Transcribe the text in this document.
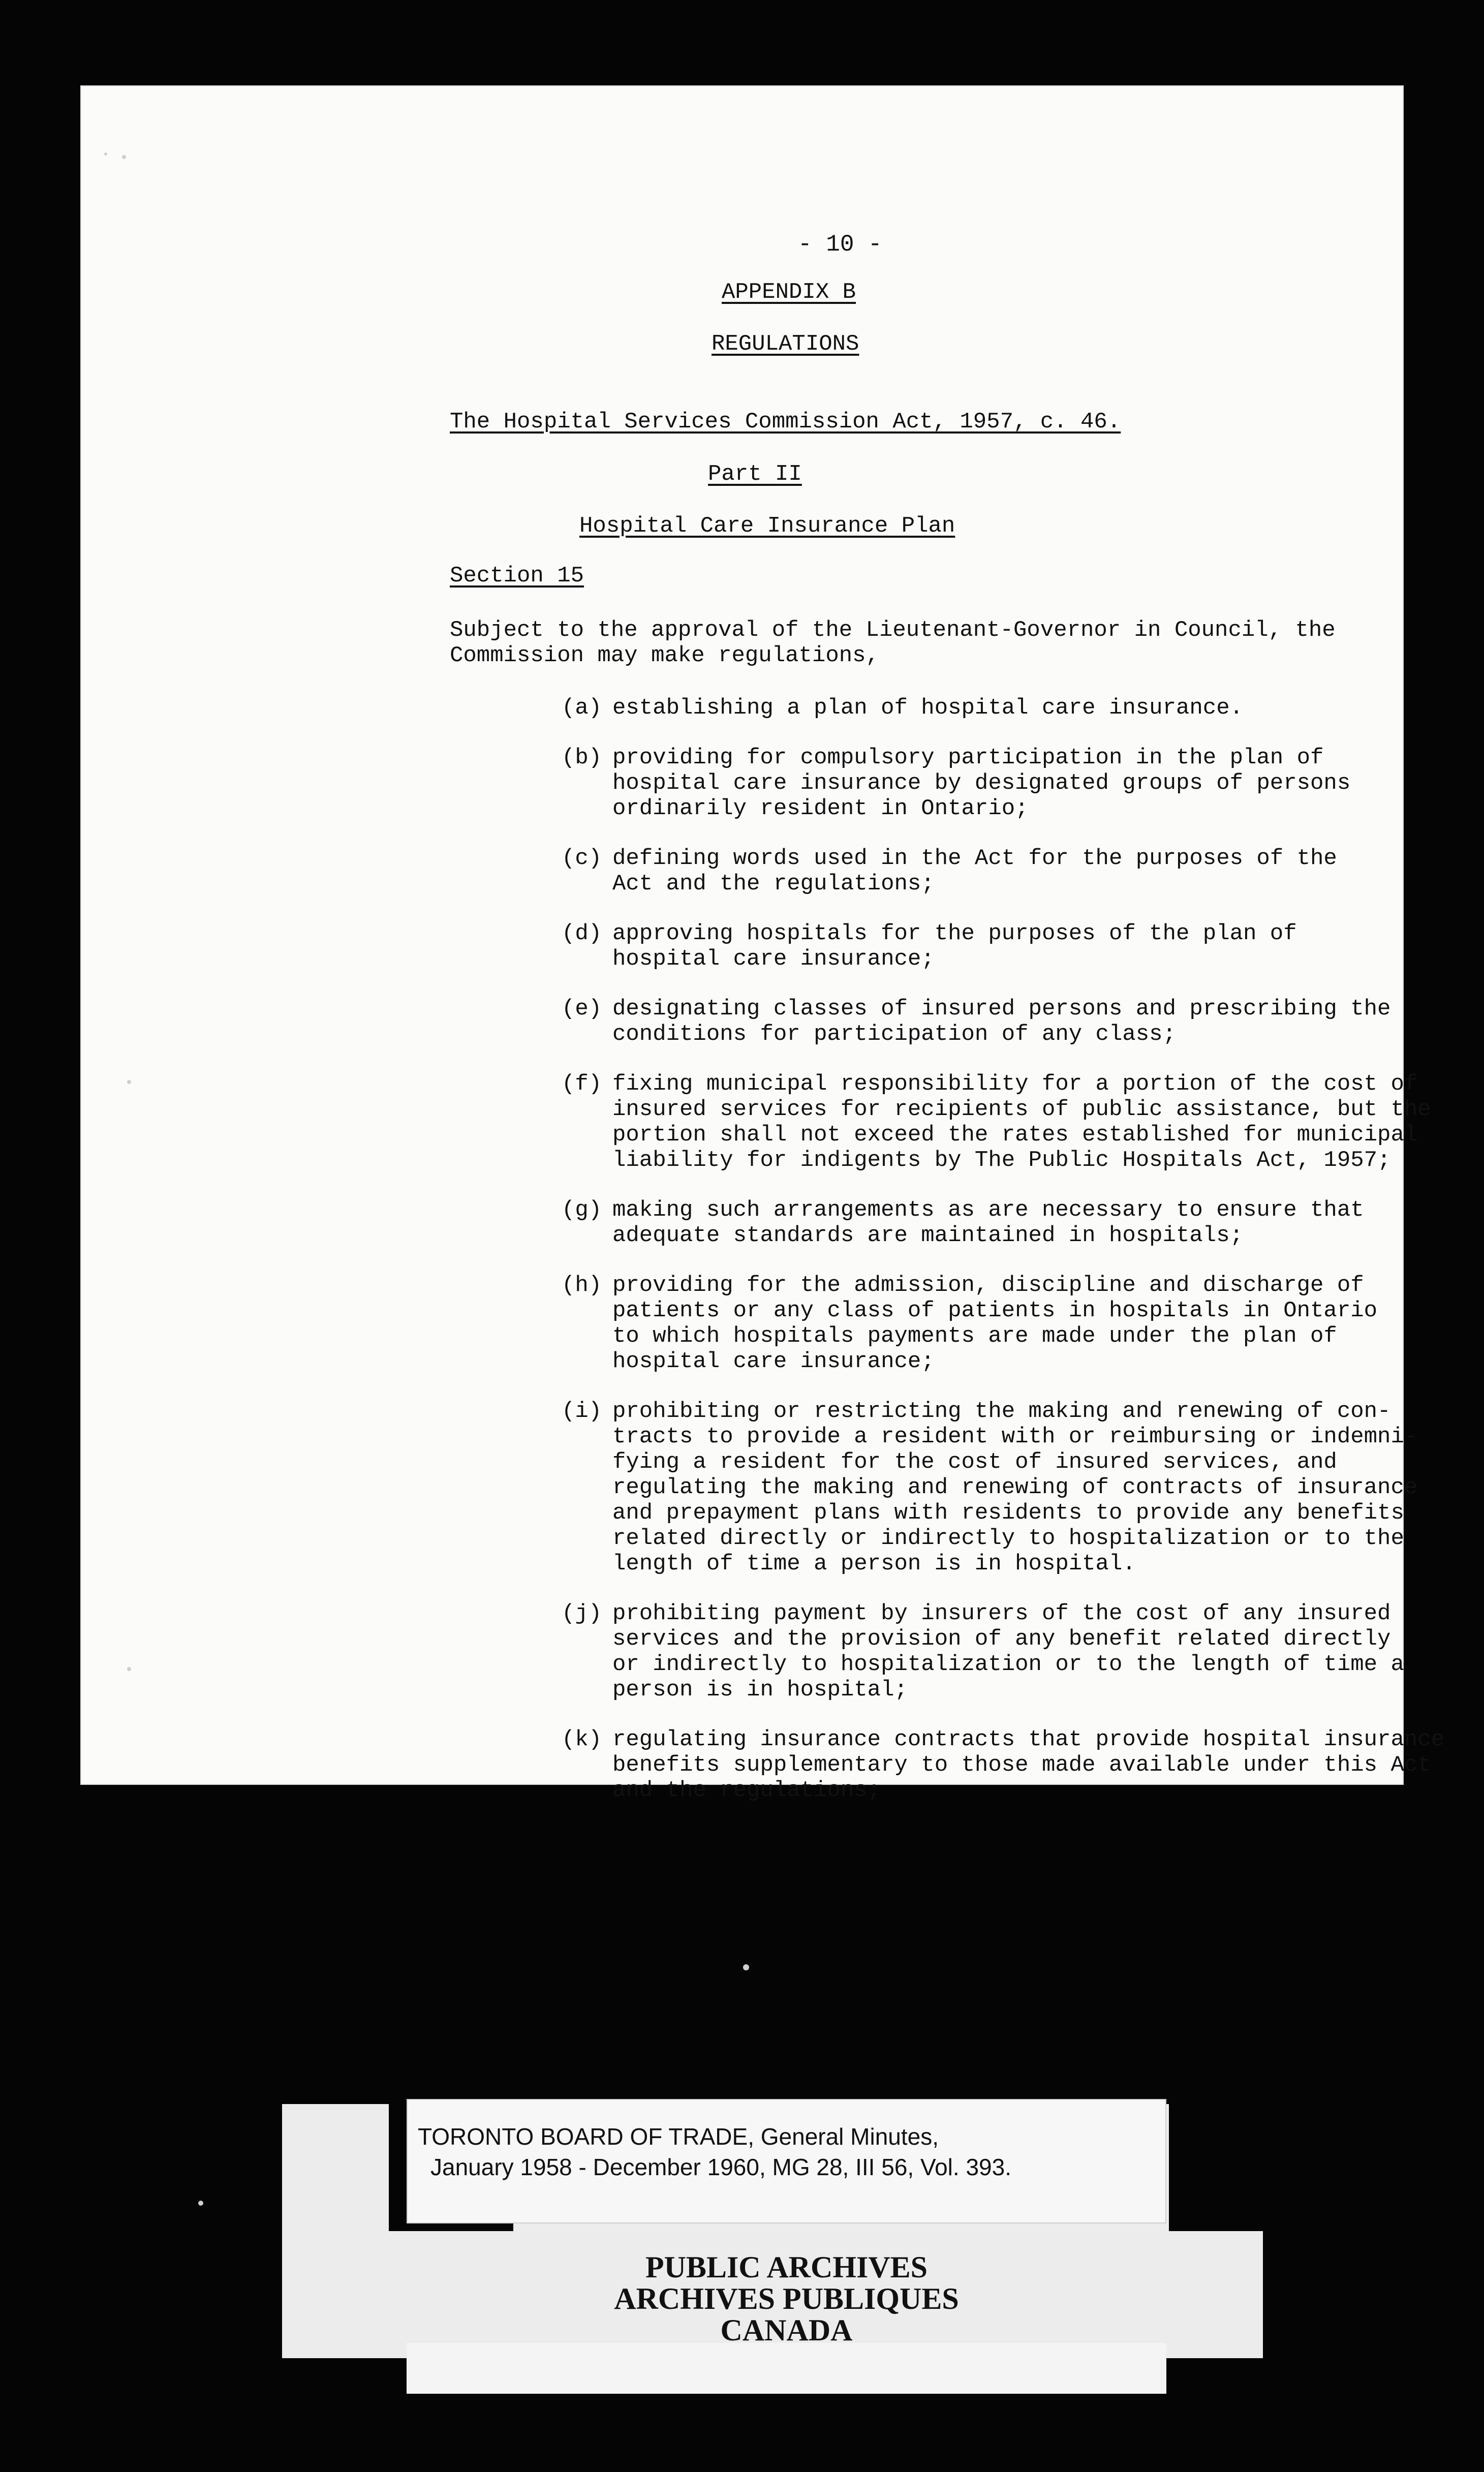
- 10 -
APPENDIX B
REGULATIONS
The Hospital Services Commission Act, 1957, c. 46.
Part II
Hospital Care Insurance Plan
Section 15
Subject to the approval of the Lieutenant-Governor in Council, the
Commission may make regulations,
(a) establishing a plan of hospital care insurance.
(b) providing for compulsory participation in the plan of
hospital care insurance by designated groups of persons
ordinarily resident in Ontario;
(c) defining words used in the Act for the purposes of the
Act and the regulations;
(d) approving hospitals for the purposes of the plan of
hospital care insurance;
(e) designating classes of insured persons and prescribing the
conditions for participation of any class;
(f) fixing municipal responsibility for a portion of the cost of
insured services for recipients of public assistance, but the
portion shall not exceed the rates established for municipal
liability for indigents by The Public Hospitals Act, 1957;
(g) making such arrangements as are necessary to ensure that
adequate standards are maintained in hospitals;
(h) providing for the admission, discipline and discharge of
patients or any class of patients in hospitals in Ontario
to which hospitals payments are made under the plan of
hospital care insurance;
(i) prohibiting or restricting the making and renewing of con-
tracts to provide a resident with or reimbursing or indemni-
fying a resident for the cost of insured services, and
regulating the making and renewing of contracts of insurance
and prepayment plans with residents to provide any benefits
related directly or indirectly to hospitalization or to the
length of time a person is in hospital.
(j) prohibiting payment by insurers of the cost of any insured
services and the provision of any benefit related directly
or indirectly to hospitalization or to the length of time a
person is in hospital;
(k) regulating insurance contracts that provide hospital insurance
benefits supplementary to those made available under this Act
and the regulations;
TORONTO BOARD OF TRADE, General Minutes,
January 1958 - December 1960, MG 28, III 56, Vol. 393.
PUBLIC ARCHIVES
ARCHIVES PUBLIQUES
CANADA
